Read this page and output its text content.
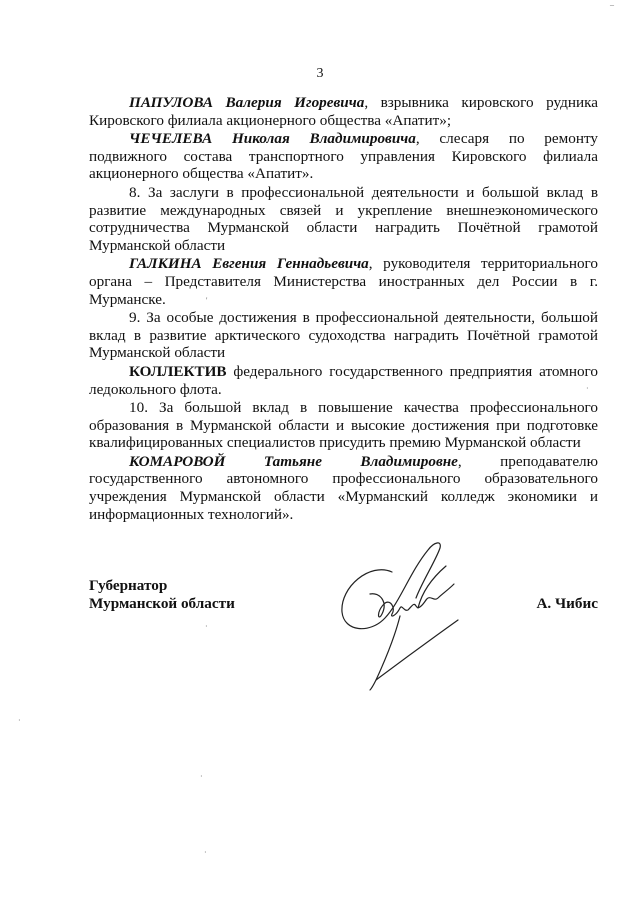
3

ПАПУЛОВА Валерия Игоревича, взрывника кировского рудника Кировского филиала акционерного общества «Апатит»;

ЧЕЧЕЛЕВА Николая Владимировича, слесаря по ремонту подвижного состава транспортного управления Кировского филиала акционерного общества «Апатит».

8. За заслуги в профессиональной деятельности и большой вклад в развитие международных связей и укрепление внешнеэкономического сотрудничества Мурманской области наградить Почётной грамотой Мурманской области

ГАЛКИНА Евгения Геннадьевича, руководителя территориального органа – Представителя Министерства иностранных дел России в г. Мурманске.

9. За особые достижения в профессиональной деятельности, большой вклад в развитие арктического судоходства наградить Почётной грамотой Мурманской области

КОЛЛЕКТИВ федерального государственного предприятия атомного ледокольного флота.

10. За большой вклад в повышение качества профессионального образования в Мурманской области и высокие достижения при подготовке квалифицированных специалистов присудить премию Мурманской области

КОМАРОВОЙ Татьяне Владимировне, преподавателю государственного автономного профессионального образовательного учреждения Мурманской области «Мурманский колледж экономики и информационных технологий».

Губернатор
Мурманской области	А. Чибис
'
·
·
·
·
·
–
